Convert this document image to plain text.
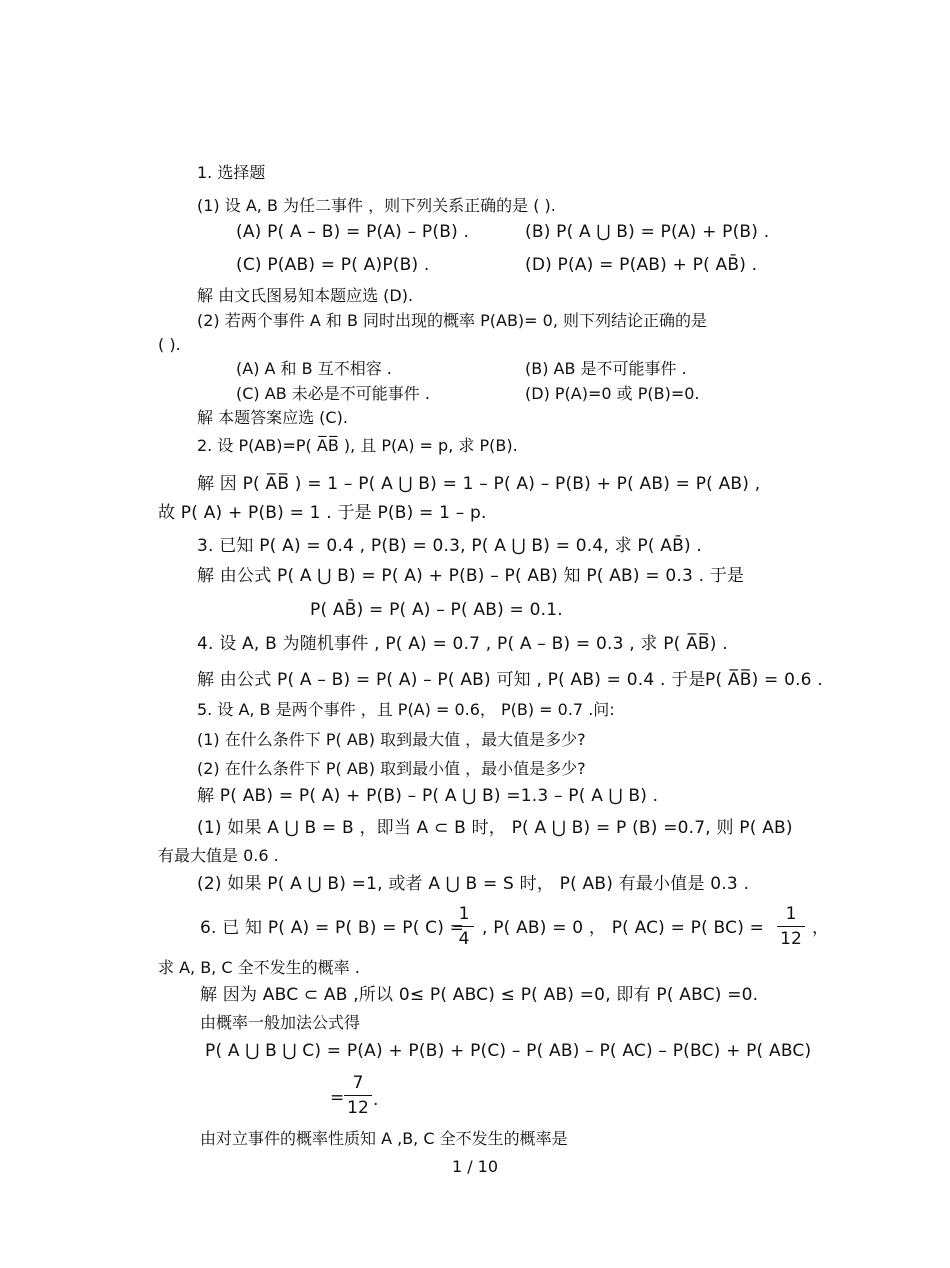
1. 选择题
(1) 设 A, B 为任二事件 ，则下列关系正确的是 ( ).
(A) P( A – B) = P(A) – P(B) .	(B) P( A ⋃ B) = P(A) + P(B) .
(C) P(AB) = P( A)P(B) .	(D) P(A) = P(AB) + P( AB̄) .
解 由文氏图易知本题应选 (D).
(2) 若两个事件 A 和 B 同时出现的概率 P(AB)= 0, 则下列结论正确的是
( ).
(A) A 和 B 互不相容 .	(B) AB 是不可能事件 .
(C) AB 未必是不可能事件 .	(D) P(A)=0 或 P(B)=0.
解 本题答案应选 (C).
2. 设 P(AB)=P( A̅B̅ ), 且 P(A) = p, 求 P(B).
解 因 P( A̅B̅ ) = 1 – P( A ⋃ B) = 1 – P( A) – P(B) + P( AB) = P( AB) ,
故 P( A) + P(B) = 1 . 于是 P(B) = 1 – p.
3. 已知 P( A) = 0.4 , P(B) = 0.3, P( A ⋃ B) = 0.4, 求 P( AB̄) .
解 由公式 P( A ⋃ B) = P( A) + P(B) – P( AB) 知 P( AB) = 0.3 . 于是
P( AB̄) = P( A) – P( AB) = 0.1.
4. 设 A, B 为随机事件 , P( A) = 0.7 , P( A – B) = 0.3 , 求 P( A̅B̅) .
解 由公式 P( A – B) = P( A) – P( AB) 可知 , P( AB) = 0.4 . 于是 P( A̅B̅) = 0.6 .
5. 设 A, B 是两个事件 ，且 P(A) = 0.6， P(B) = 0.7 .问:
(1) 在什么条件下 P( AB) 取到最大值 ，最大值是多少?
(2) 在什么条件下 P( AB) 取到最小值 ，最小值是多少?
解 P( AB) = P( A) + P(B) – P( A ⋃ B) =1.3 – P( A ⋃ B) .
(1) 如果 A ⋃ B = B ，即当 A ⊂ B 时， P( A ⋃ B) = P (B) =0.7, 则 P( AB)
有最大值是 0.6 .
(2) 如果 P( A ⋃ B) =1, 或者 A ⋃ B = S 时， P( AB) 有最小值是 0.3 .
6. 已 知 P( A) = P( B) = P( C) =
1
4
, P( AB) = 0 ， P( AC) = P( BC) =
1
12
，
求 A, B, C 全不发生的概率 .
解 因为 ABC ⊂ AB ,所以 0≤ P( ABC) ≤ P( AB) =0, 即有 P( ABC) =0.
由概率一般加法公式得
P( A ⋃ B ⋃ C) = P(A) + P(B) + P(C) – P( AB) – P( AC) – P(BC) + P( ABC)
=
7
12 .
由对立事件的概率性质知 A ,B, C 全不发生的概率是
1 / 10
